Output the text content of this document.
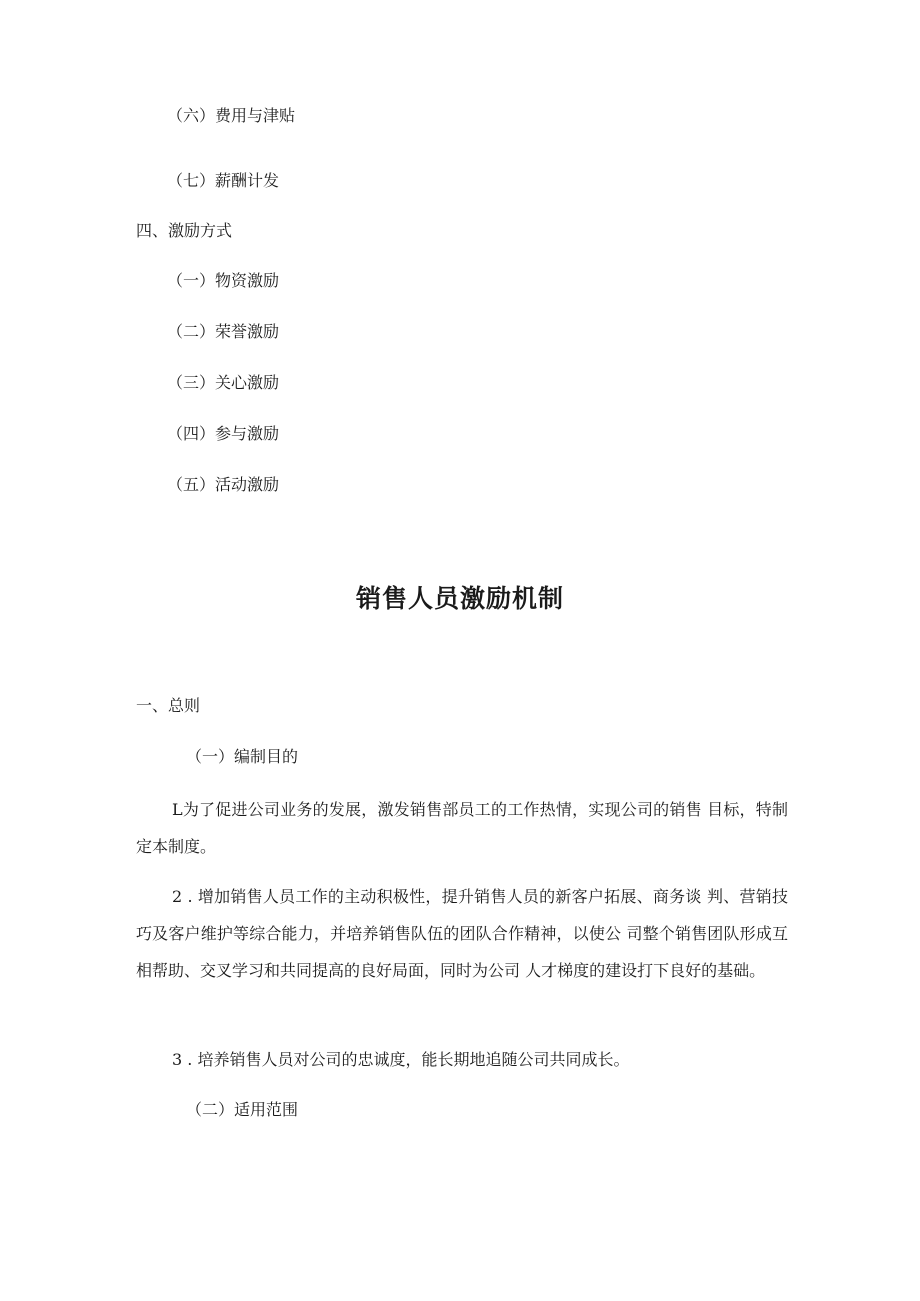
（六）费用与津贴
（七）薪酬计发
四、激励方式
（一）物资激励
（二）荣誉激励
（三）关心激励
（四）参与激励
（五）活动激励
销售人员激励机制
一、总则
（一）编制目的
L为了促进公司业务的发展，激发销售部员工的工作热情，实现公司的销售 目标，特制定本制度。
2 . 增加销售人员工作的主动积极性，提升销售人员的新客户拓展、商务谈 判、营销技巧及客户维护等综合能力，并培养销售队伍的团队合作精神，以使公 司整个销售团队形成互相帮助、交叉学习和共同提高的良好局面，同时为公司 人才梯度的建设打下良好的基础。
3 . 培养销售人员对公司的忠诚度，能长期地追随公司共同成长。
（二）适用范围
